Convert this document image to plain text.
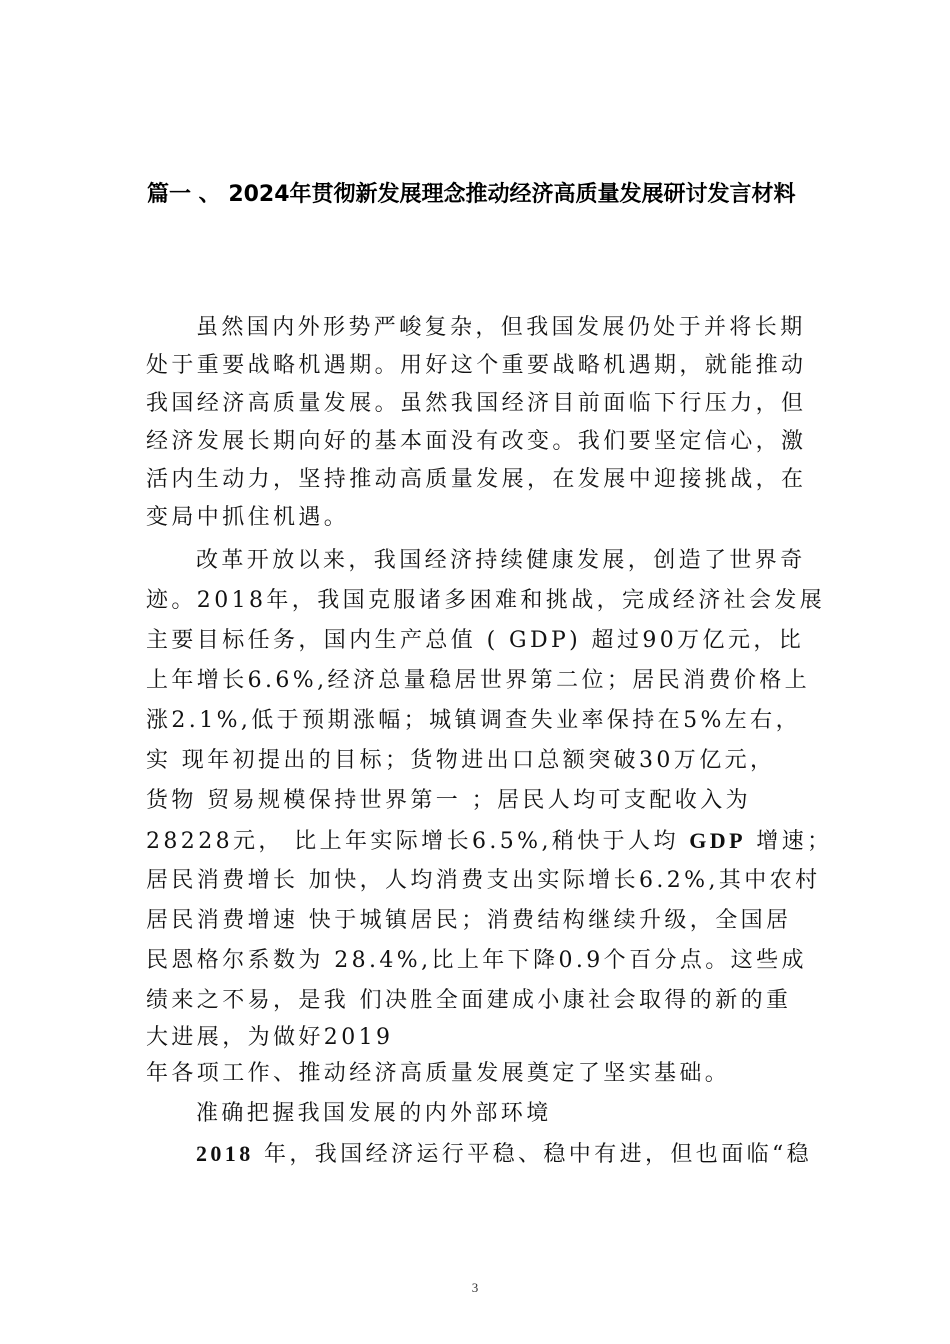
篇一 、 2024年贯彻新发展理念推动经济高质量发展研讨发言材料

虽然国内外形势严峻复杂，但我国发展仍处于并将长期

处于重要战略机遇期。用好这个重要战略机遇期，就能推动

我国经济高质量发展。虽然我国经济目前面临下行压力，但

经济发展长期向好的基本面没有改变。我们要坚定信心，激

活内生动力，坚持推动高质量发展，在发展中迎接挑战，在

变局中抓住机遇。

改革开放以来，我国经济持续健康发展，创造了世界奇

迹。2018年，我国克服诸多困难和挑战，完成经济社会发展

主要目标任务，国内生产总值 ( GDP) 超过90万亿元，比

上年增长6.6%,经济总量稳居世界第二位；居民消费价格上

涨2.1%,低于预期涨幅；城镇调查失业率保持在5%左右，

实 现年初提出的目标；货物进出口总额突破30万亿元，

货物 贸易规模保持世界第一 ；居民人均可支配收入为

28228元， 比上年实际增长6.5%,稍快于人均 GDP 增速；

居民消费增长 加快，人均消费支出实际增长6.2%,其中农村

居民消费增速 快于城镇居民；消费结构继续升级，全国居

民恩格尔系数为 28.4%,比上年下降0.9个百分点。这些成

绩来之不易，是我 们决胜全面建成小康社会取得的新的重

大进展，为做好2019

年各项工作、推动经济高质量发展奠定了坚实基础。

准确把握我国发展的内外部环境

2018 年，我国经济运行平稳、稳中有进，但也面临“稳

3
